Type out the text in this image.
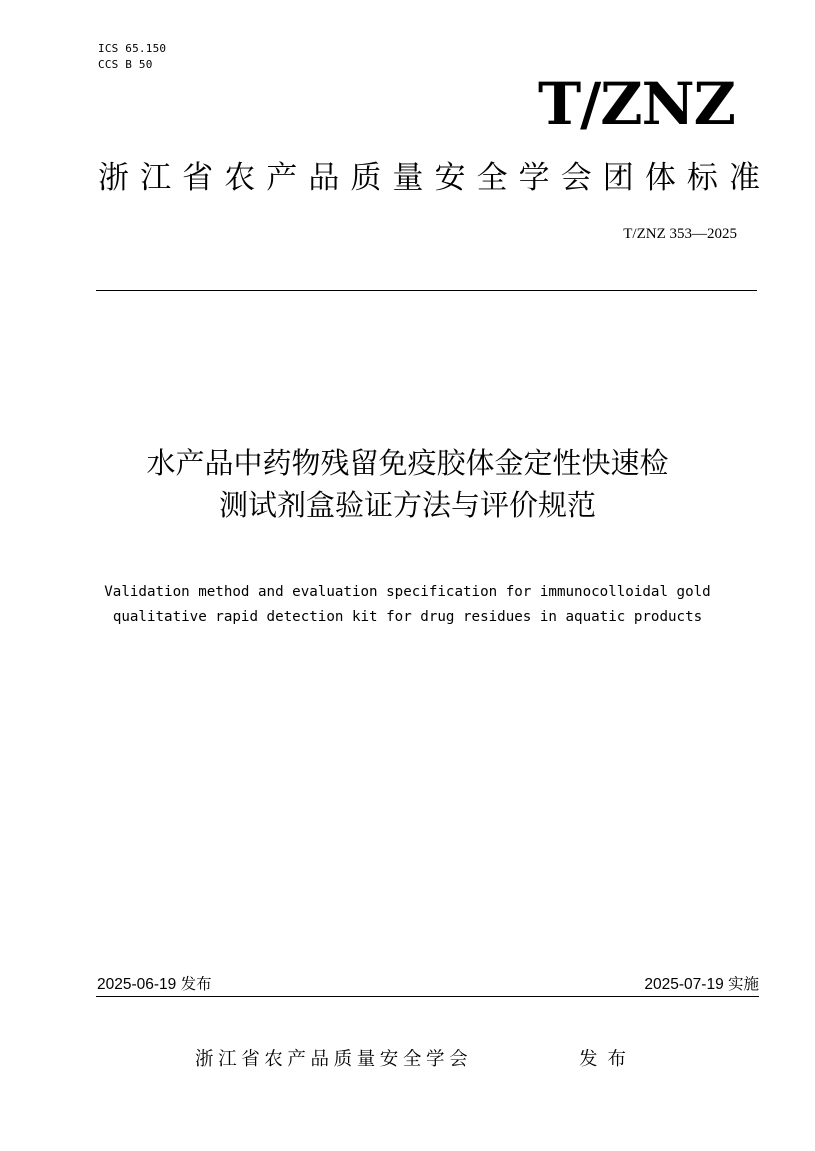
ICS 65.150
CCS B 50
T/ZNZ
浙江省农产品质量安全学会团体标准
T/ZNZ 353—2025
水产品中药物残留免疫胶体金定性快速检
测试剂盒验证方法与评价规范
Validation method and evaluation specification for immunocolloidal gold
qualitative rapid detection kit for drug residues in aquatic products
2025-06-19 发布	2025-07-19 实施
浙江省农产品质量安全学会	发布
